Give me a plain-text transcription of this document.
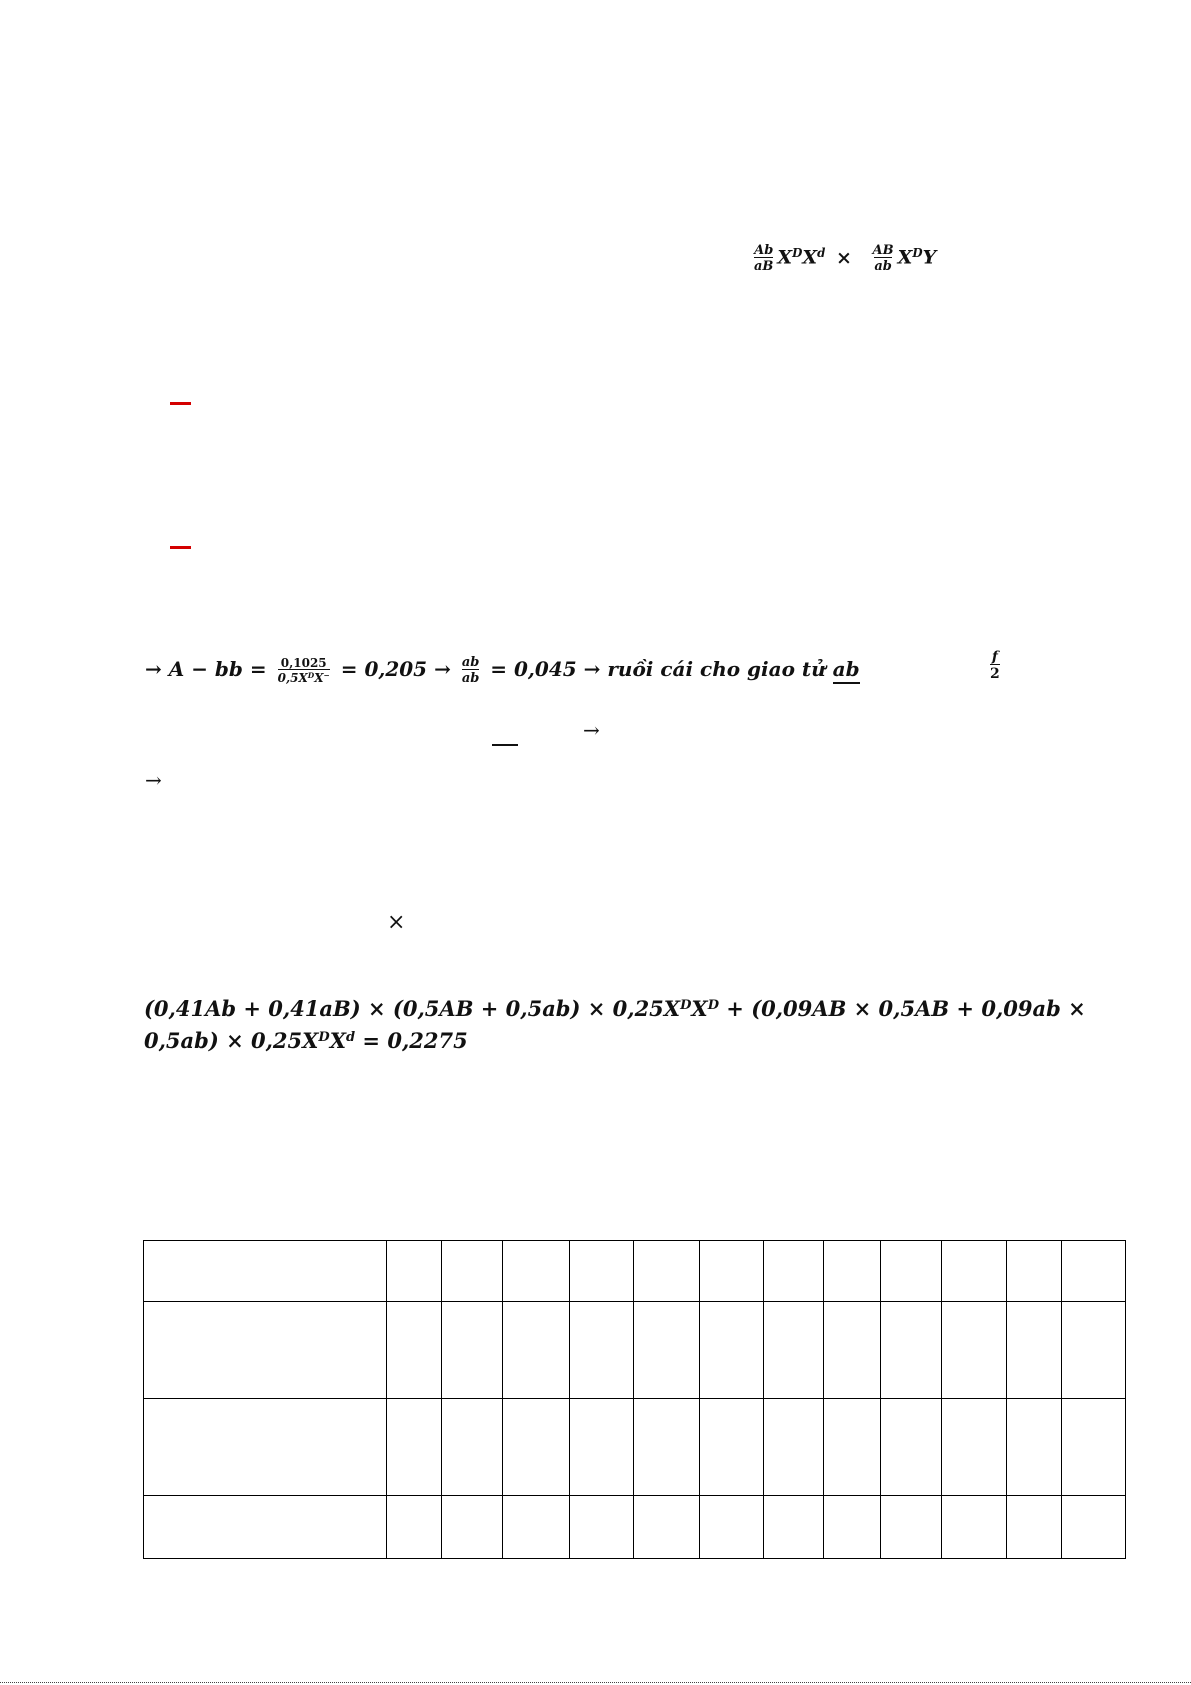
$\frac{Ab}{aB} X^DX^d \times \frac{AB}{ab} X^DY$
→ A − bb = $\frac{0,1025}{0,5X^DX^-} = 0,205 \to \frac{ab}{ab} = 0,045$ → ruồi cái cho giao tử ab	$\frac{f}{2}$
→
→
×
$(0,41Ab + 0,41aB) \times (0,5AB + 0,5ab) \times 0,25X^DX^D + (0,09AB \times 0,5AB + 0,09ab$ ×
$0,5ab) \times 0,25X^DX^d = 0,2275$
